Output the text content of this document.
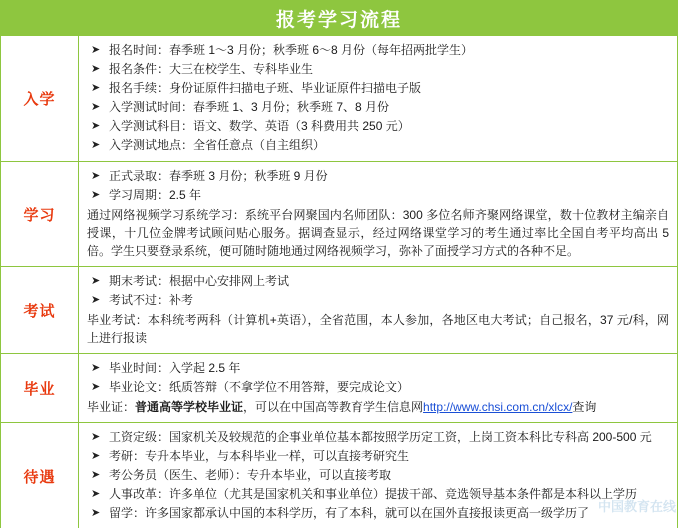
报考学习流程
入学
➤ 报名时间：春季班 1～3 月份；秋季班 6～8 月份（每年招两批学生）
➤ 报名条件：大三在校学生、专科毕业生
➤ 报名手续：身份证原件扫描电子班、毕业证原件扫描电子版
➤ 入学测试时间：春季班 1、3 月份；秋季班 7、8 月份
➤ 入学测试科目：语文、数学、英语（3 科费用共 250 元）
➤ 入学测试地点：全省任意点（自主组织）
学习
➤ 正式录取：春季班 3 月份；秋季班 9 月份
➤ 学习周期：2.5 年
通过网络视频学习系统学习：系统平台网聚国内名师团队：300 多位名师齐聚网络课堂，数十位教材主编亲自授课，十几位金牌考试顾问贴心服务。据调查显示，经过网络课堂学习的考生通过率比全国自考平均高出 5 倍。学生只要登录系统，便可随时随地通过网络视频学习，弥补了面授学习方式的各种不足。
考试
➤ 期末考试：根据中心安排网上考试
➤ 考试不过：补考
毕业考试：本科统考两科（计算机+英语），全省范围，本人参加，各地区电大考试；自己报名，37 元/科，网上进行报读
毕业
➤ 毕业时间：入学起 2.5 年
➤ 毕业论文：纸质答辩（不拿学位不用答辩，要完成论文）
毕业证：普通高等学校毕业证，可以在中国高等教育学生信息网http://www.chsi.com.cn/xlcx/查询
待遇
➤ 工资定级：国家机关及较规范的企事业单位基本都按照学历定工资，上岗工资本科比专科高 200-500 元
➤ 考研：专升本毕业，与本科毕业一样，可以直接考研究生
➤ 考公务员（医生、老师）：专升本毕业，可以直接考取
➤ 人事改革：许多单位（尤其是国家机关和事业单位）提拔干部、竞选领导基本条件都是本科以上学历
➤ 留学：许多国家都承认中国的本科学历，有了本科，就可以在国外直接报读更高一级学历了 中国教育在线
